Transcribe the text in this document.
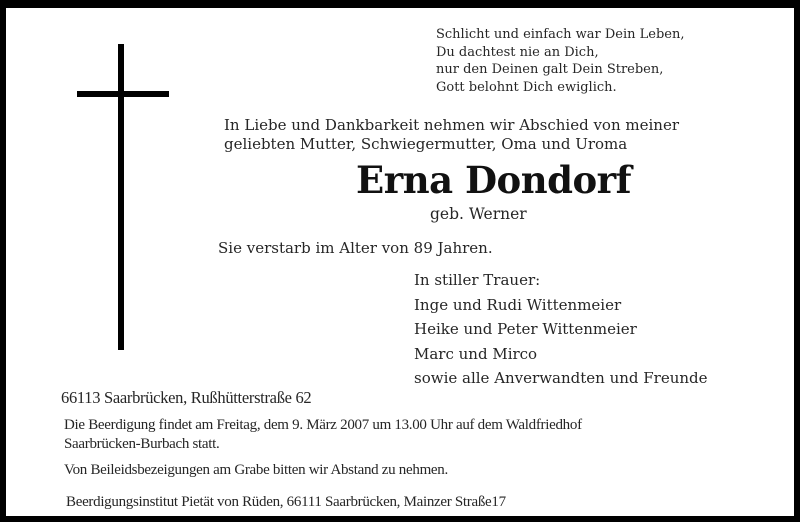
Schlicht und einfach war Dein Leben,
Du dachtest nie an Dich,
nur den Deinen galt Dein Streben,
Gott belohnt Dich ewiglich.
In Liebe und Dankbarkeit nehmen wir Abschied von meiner
geliebten Mutter, Schwiegermutter, Oma und Uroma
Erna Dondorf
geb. Werner
Sie verstarb im Alter von 89 Jahren.
In stiller Trauer:
Inge und Rudi Wittenmeier
Heike und Peter Wittenmeier
Marc und Mirco
sowie alle Anverwandten und Freunde
66113 Saarbrücken, Rußhütterstraße 62
Die Beerdigung findet am Freitag, dem 9. März 2007 um 13.00 Uhr auf dem Waldfriedhof
Saarbrücken-Burbach statt.
Von Beileidsbezeigungen am Grabe bitten wir Abstand zu nehmen.
Beerdigungsinstitut Pietät von Rüden, 66111 Saarbrücken, Mainzer Straße17
